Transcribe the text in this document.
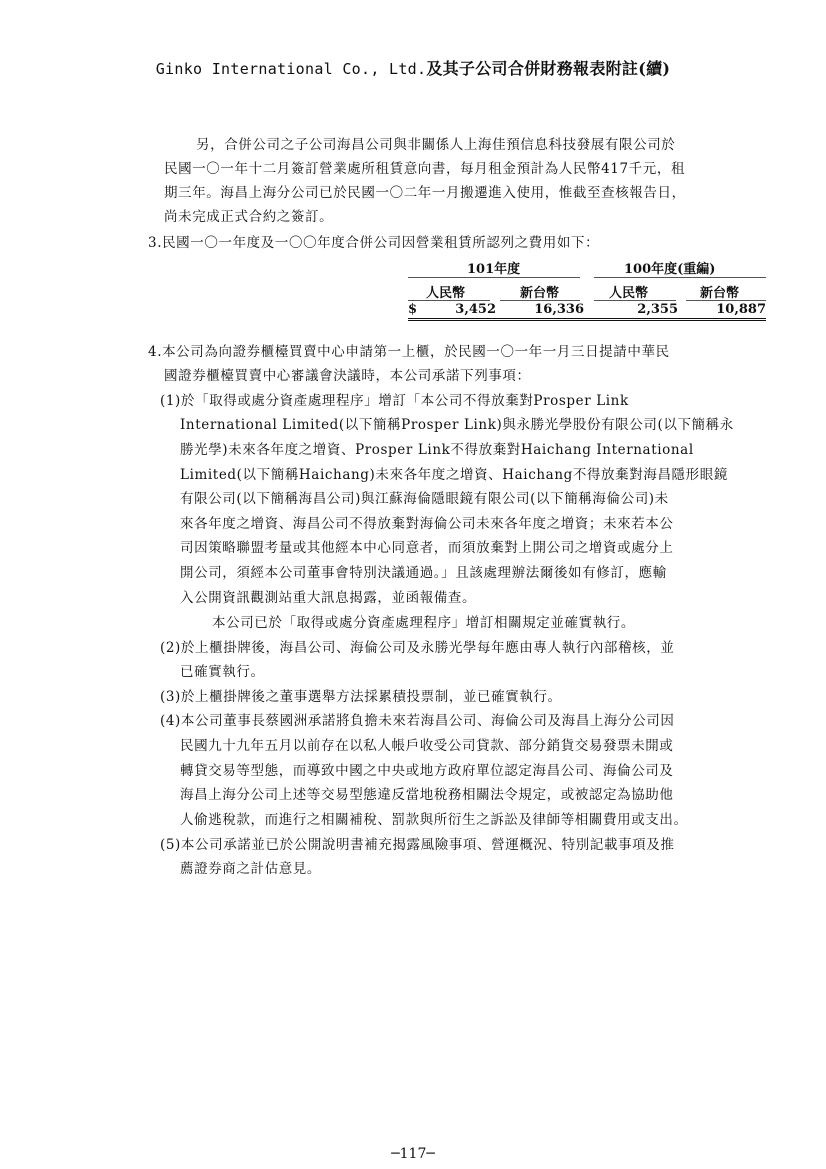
Ginko International Co., Ltd.及其子公司合併財務報表附註(續)
另，合併公司之子公司海昌公司與非關係人上海佳預信息科技發展有限公司於
民國一〇一年十二月簽訂營業處所租賃意向書，每月租金預計為人民幣417千元，租
期三年。海昌上海分公司已於民國一〇二年一月搬遷進入使用，惟截至查核報告日，
尚未完成正式合約之簽訂。
3.民國一〇一年度及一〇〇年度合併公司因營業租賃所認列之費用如下：
101年度	100年度(重編)
人民幣	新台幣	人民幣	新台幣
$	3,452	16,336	2,355	10,887
4.本公司為向證券櫃檯買賣中心申請第一上櫃，於民國一〇一年一月三日提請中華民
國證券櫃檯買賣中心審議會決議時，本公司承諾下列事項：
(1)於「取得或處分資產處理程序」增訂「本公司不得放棄對Prosper Link
International Limited(以下簡稱Prosper Link)與永勝光學股份有限公司(以下簡稱永
勝光學)未來各年度之增資、Prosper Link不得放棄對Haichang International
Limited(以下簡稱Haichang)未來各年度之增資、Haichang不得放棄對海昌隱形眼鏡
有限公司(以下簡稱海昌公司)與江蘇海倫隱眼鏡有限公司(以下簡稱海倫公司)未
來各年度之增資、海昌公司不得放棄對海倫公司未來各年度之增資；未來若本公
司因策略聯盟考量或其他經本中心同意者，而須放棄對上開公司之增資或處分上
開公司，須經本公司董事會特別決議通過。」且該處理辦法爾後如有修訂，應輸
入公開資訊觀測站重大訊息揭露，並函報備查。
本公司已於「取得或處分資產處理程序」增訂相關規定並確實執行。
(2)於上櫃掛牌後，海昌公司、海倫公司及永勝光學每年應由專人執行內部稽核，並
已確實執行。
(3)於上櫃掛牌後之董事選舉方法採累積投票制，並已確實執行。
(4)本公司董事長蔡國洲承諾將負擔未來若海昌公司、海倫公司及海昌上海分公司因
民國九十九年五月以前存在以私人帳戶收受公司貸款、部分銷貨交易發票未開或
轉貸交易等型態，而導致中國之中央或地方政府單位認定海昌公司、海倫公司及
海昌上海分公司上述等交易型態違反當地稅務相關法令規定，或被認定為協助他
人偷逃稅款，而進行之相關補稅、罰款與所衍生之訴訟及律師等相關費用或支出。
(5)本公司承諾並已於公開說明書補充揭露風險事項、營運概況、特別記載事項及推
薦證券商之計估意見。
─117─
